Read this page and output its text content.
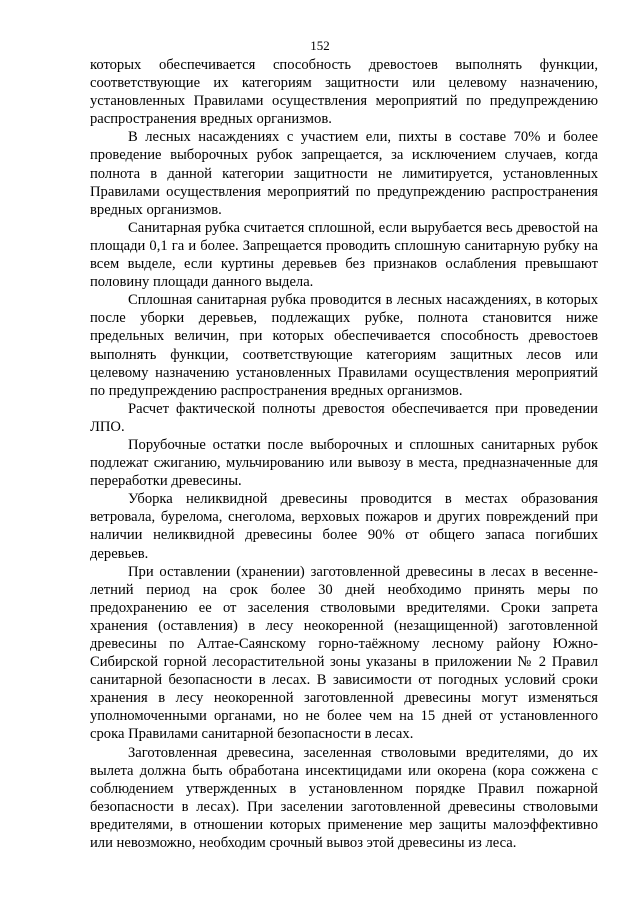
152

которых обеспечивается способность древостоев выполнять функции, соответствующие их категориям защитности или целевому назначению, установленных Правилами осуществления мероприятий по предупреждению распространения вредных организмов.

В лесных насаждениях с участием ели, пихты в составе 70% и более проведение выборочных рубок запрещается, за исключением случаев, когда полнота в данной категории защитности не лимитируется, установленных Правилами осуществления мероприятий по предупреждению распространения вредных организмов.

Санитарная рубка считается сплошной, если вырубается весь древостой на площади 0,1 га и более. Запрещается проводить сплошную санитарную рубку на всем выделе, если куртины деревьев без признаков ослабления превышают половину площади данного выдела.

Сплошная санитарная рубка проводится в лесных насаждениях, в которых после уборки деревьев, подлежащих рубке, полнота становится ниже предельных величин, при которых обеспечивается способность древостоев выполнять функции, соответствующие категориям защитных лесов или целевому назначению установленных Правилами осуществления мероприятий по предупреждению распространения вредных организмов.

Расчет фактической полноты древостоя обеспечивается при проведении ЛПО.

Порубочные остатки после выборочных и сплошных санитарных рубок подлежат сжиганию, мульчированию или вывозу в места, предназначенные для переработки древесины.

Уборка неликвидной древесины проводится в местах образования ветровала, бурелома, снеголома, верховых пожаров и других повреждений при наличии неликвидной древесины более 90% от общего запаса погибших деревьев.

При оставлении (хранении) заготовленной древесины в лесах в весенне-летний период на срок более 30 дней необходимо принять меры по предохранению ее от заселения стволовыми вредителями. Сроки запрета хранения (оставления) в лесу неокоренной (незащищенной) заготовленной древесины по Алтае-Саянскому горно-таёжному лесному району Южно-Сибирской горной лесорастительной зоны указаны в приложении № 2 Правил санитарной безопасности в лесах. В зависимости от погодных условий сроки хранения в лесу неокоренной заготовленной древесины могут изменяться уполномоченными органами, но не более чем на 15 дней от установленного срока Правилами санитарной безопасности в лесах.

Заготовленная древесина, заселенная стволовыми вредителями, до их вылета должна быть обработана инсектицидами или окорена (кора сожжена с соблюдением утвержденных в установленном порядке Правил пожарной безопасности в лесах). При заселении заготовленной древесины стволовыми вредителями, в отношении которых применение мер защиты малоэффективно или невозможно, необходим срочный вывоз этой древесины из леса.
